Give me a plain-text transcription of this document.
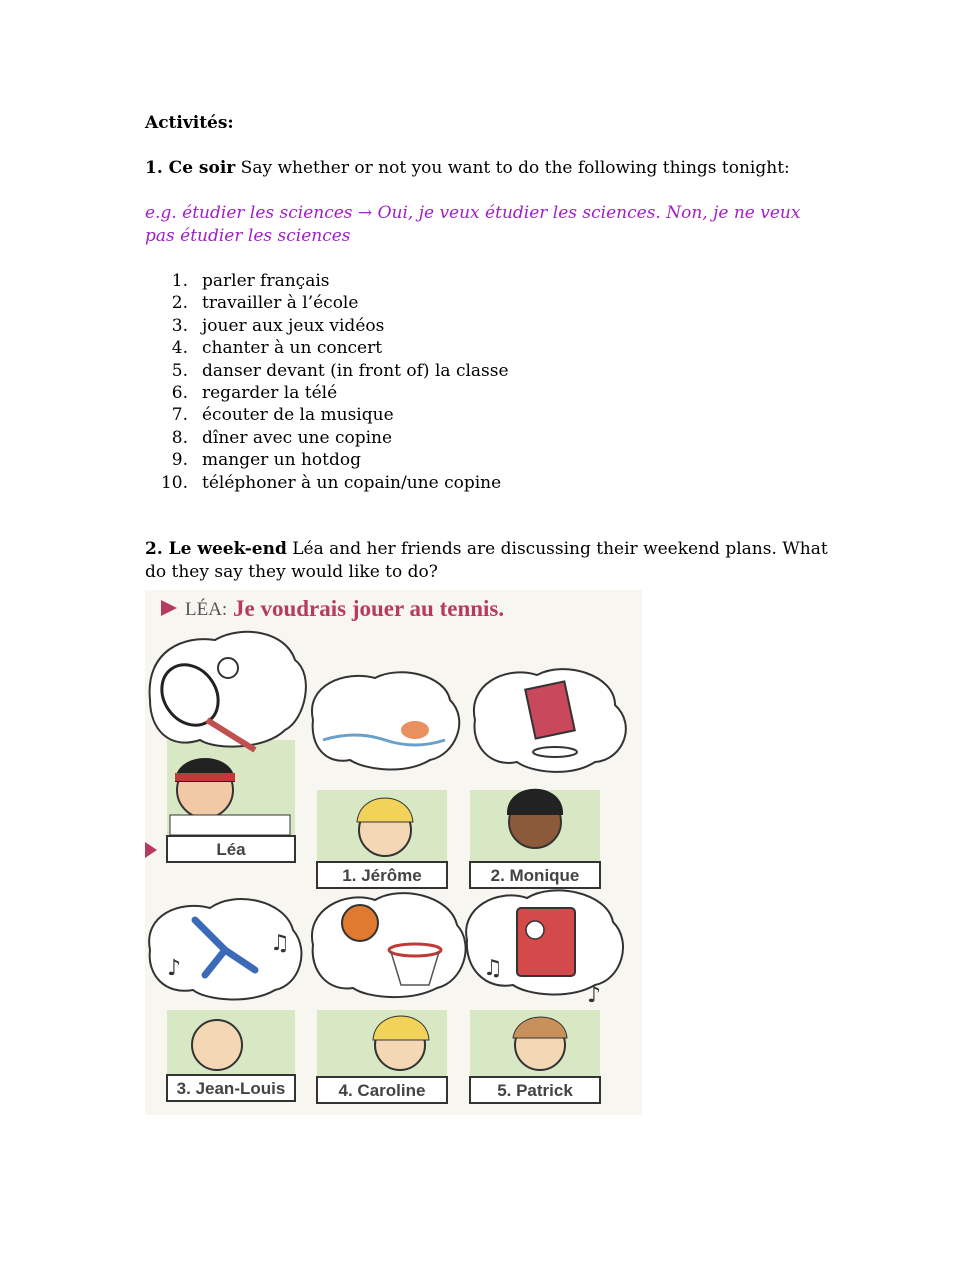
Activités:

1. Ce soir Say whether or not you want to do the following things tonight:

e.g. étudier les sciences → Oui, je veux étudier les sciences. Non, je ne veux pas étudier les sciences

1. parler français
2. travailler à l’école
3. jouer aux jeux vidéos
4. chanter à un concert
5. danser devant (in front of) la classe
6. regarder la télé
7. écouter de la musique
8. dîner avec une copine
9. manger un hotdog
10. téléphoner à un copain/une copine

2. Le week-end Léa and her friends are discussing their weekend plans. What do they say they would like to do?

LÉA: Je voudrais jouer au tennis.
Léa
1. Jérôme	2. Monique
♪
♫
3. Jean-Louis	4. Caroline
♫
♪
5. Patrick
